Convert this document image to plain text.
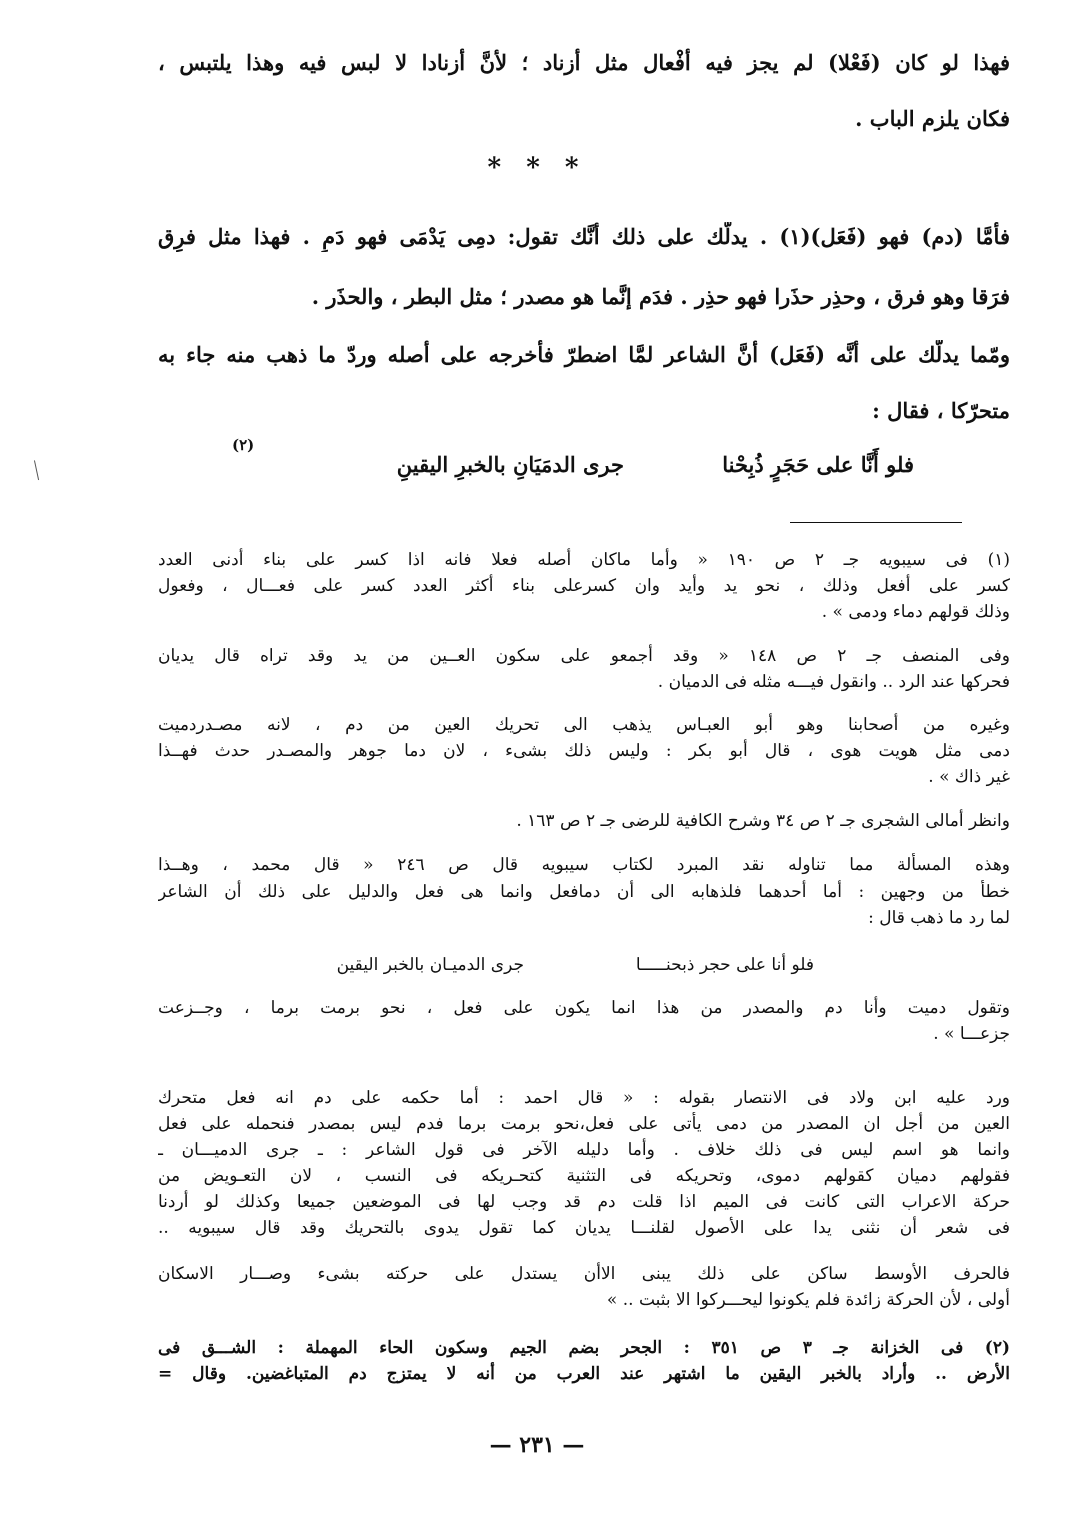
فهذا لو كان (فَعْلا) لم يجز فيه أفْعال مثل أزناد ؛ لأنَّ أزنادا لا لبس فيه وهذا يلتبس ،

فكان يلزم الباب .

* * *

فأمَّا (دم) فهو (فَعَل)(١) . يدلُّك على ذلك أنَّك تقول: دمِى يَدْمَى فهو دَمٍ . فهذا مثل فرِق

فرَقا وهو فرق ، وحذِر حذَرا فهو حذِر . فدَم إنَّما هو مصدر ؛ مثل البطر ، والحذَر .

ومّما يدلُّك على أنَّه (فَعَل) أنَّ الشاعر لمَّا اضطرّ فأخرجه على أصله وردّ ما ذهب منه جاء به

متحرّكا ، فقال :

فلو أَنَّا على حَجَرٍ ذُبِحْنا
جرى الدمَيَانِ بالخبرِ اليقينِ
(٢)

(١) فى سيبويه جـ ٢ ص ١٩٠ « وأما ماكان أصله فعلا فانه اذا كسر على بناء أدنى العدد

كسر على أفعل وذلك ، نحو يد وأيد وان كسرعلى بناء أكثر العدد كسر على فعـــال ، وفعول

وذلك قولهم دماء ودمى » .

وفى المنصف جـ ٢ ص ١٤٨ « وقد أجمعو على سكون العــين من يد وقد تراه قال يديان

فحركها عند الرد .. وانقول فيـــه مثله فى الدميان .

وغيره من أصحابنا وهو أبو العبـاس يذهب الى تحريك العين من دم ، لانه مصـدردميت

دمى مثل هويت هوى ، قال أبو بكر : وليس ذلك بشىء ، لان دما جوهر والمصـدر حدث فهــذا

غير ذاك » .

وانظر أمالى الشجرى جـ ٢ ص ٣٤ وشرح الكافية للرضى جـ ٢ ص ١٦٣ .

وهذه المسألة مما تناوله نقد المبرد لكتاب سيبويه قال ص ٢٤٦ « قال محمد ، وهــذا

خطأ من وجهين : أما أحدهما فلذهابه الى أن دمافعل وانما هى فعل والدليل على ذلك أن الشاعر

لما رد ما ذهب قال :

فلو أنا على حجر ذبحنـــــا
جرى الدميـان بالخبر اليقين

وتقول دميت وأنا دم والمصدر من هذا انما يكون على فعل ، نحو برمت برما ، وجــزعت

جزعـــا » .

ورد عليه ابن ولاد فى الانتصار بقوله : « قال احمد : أما حكمه على دم انه فعل متحرك

العين من أجل ان المصدر من دمى يأتى على فعل،نحو برمت برما فدم ليس بمصدر فنحمله على فعل

وانما هو اسم ليس فى ذلك خلاف . وأما دليله الآخر فى قول الشاعر : ـ جرى الدميـــان ـ

فقولهم دميان كقولهم دموى، وتحريكه فى التثنية كتحـريكه فى النسب ، لان التعـويض من

حركة الاعراب التى كانت فى الميم اذا قلت دم قد وجب لها فى الموضعين جميعا وكذلك لو أردنا

فى شعر أن نثنى يدا على الأصول لقلنـــا يديان كما تقول يدوى بالتحريك وقد قال سيبويه ..

فالحرف الأوسط ساكن على ذلك يبنى الاأن يستدل على حركته بشىء وصـــار الاسكان

أولى ، لأن الحركة زائدة فلم يكونوا ليحـــركوا الا بثبت .. »

(٢) فى الخزانة جـ ٣ ص ٣٥١ : الجحر بضم الجيم وسكون الحاء المهملة : الشـــق فى

الأرض .. وأراد بالخبر اليقين ما اشتهر عند العرب من أنه لا يمتزج دم المتباغضين. وقال =

— ٢٣١ —
